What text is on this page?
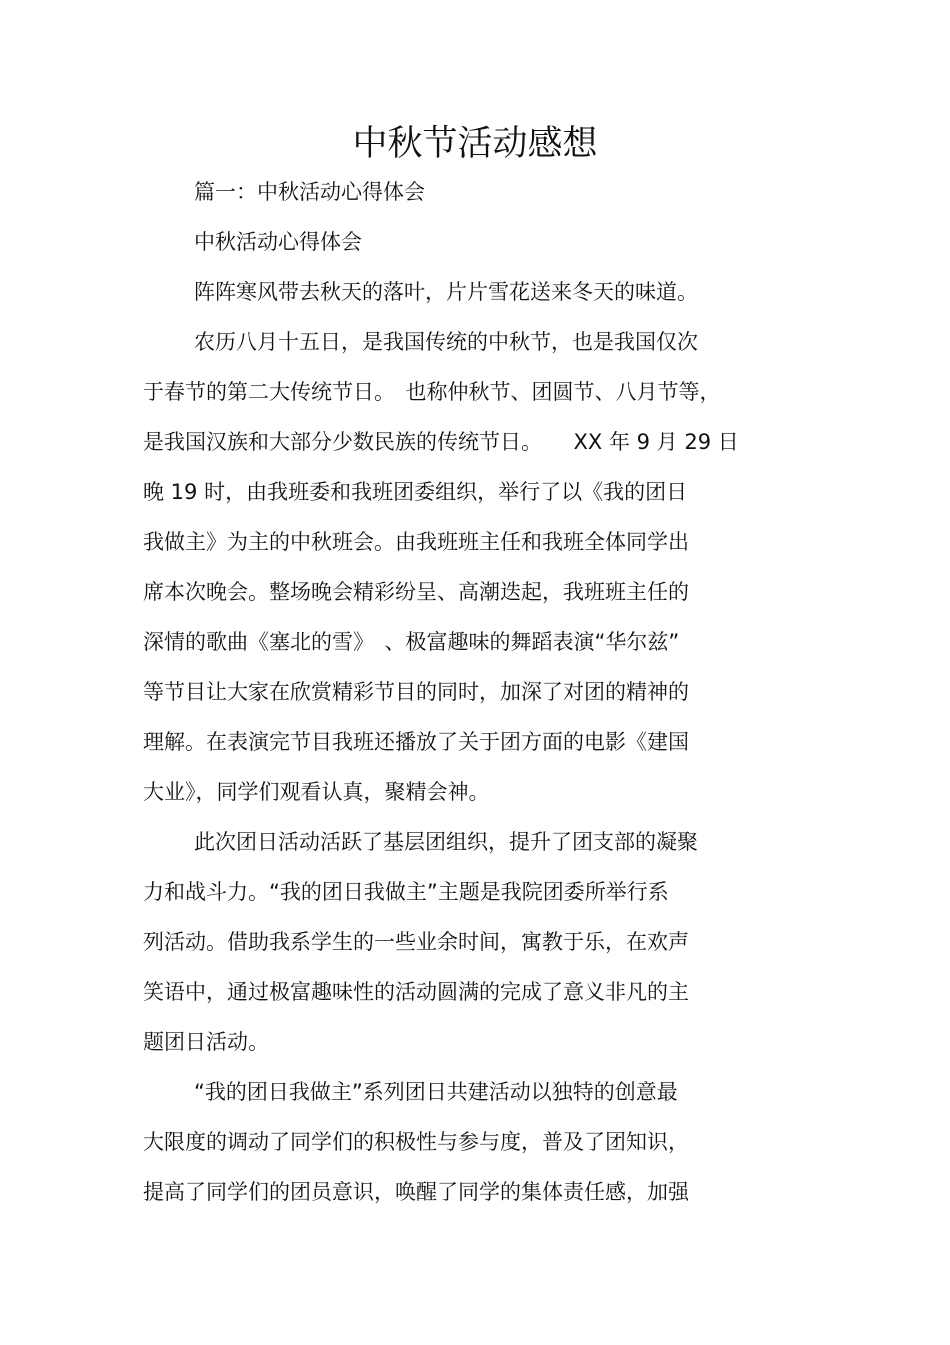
中秋节活动感想
篇一：中秋活动心得体会
中秋活动心得体会
阵阵寒风带去秋天的落叶，片片雪花送来冬天的味道。
农历八月十五日，是我国传统的中秋节，也是我国仅次
于春节的第二大传统节日。　也称仲秋节、团圆节、八月节等，
是我国汉族和大部分少数民族的传统节日。　　XX 年 9 月 29 日
晚 19 时，由我班委和我班团委组织，举行了以《我的团日
我做主》为主的中秋班会。由我班班主任和我班全体同学出
席本次晚会。整场晚会精彩纷呈、高潮迭起，我班班主任的
深情的歌曲《塞北的雪》　、极富趣味的舞蹈表演“华尔兹”
等节目让大家在欣赏精彩节目的同时，加深了对团的精神的
理解。在表演完节目我班还播放了关于团方面的电影《建国
大业》，同学们观看认真，聚精会神。
此次团日活动活跃了基层团组织，提升了团支部的凝聚
力和战斗力。“我的团日我做主”主题是我院团委所举行系
列活动。借助我系学生的一些业余时间，寓教于乐，在欢声
笑语中，通过极富趣味性的活动圆满的完成了意义非凡的主
题团日活动。
“我的团日我做主”系列团日共建活动以独特的创意最
大限度的调动了同学们的积极性与参与度，普及了团知识，
提高了同学们的团员意识，唤醒了同学的集体责任感，加强
